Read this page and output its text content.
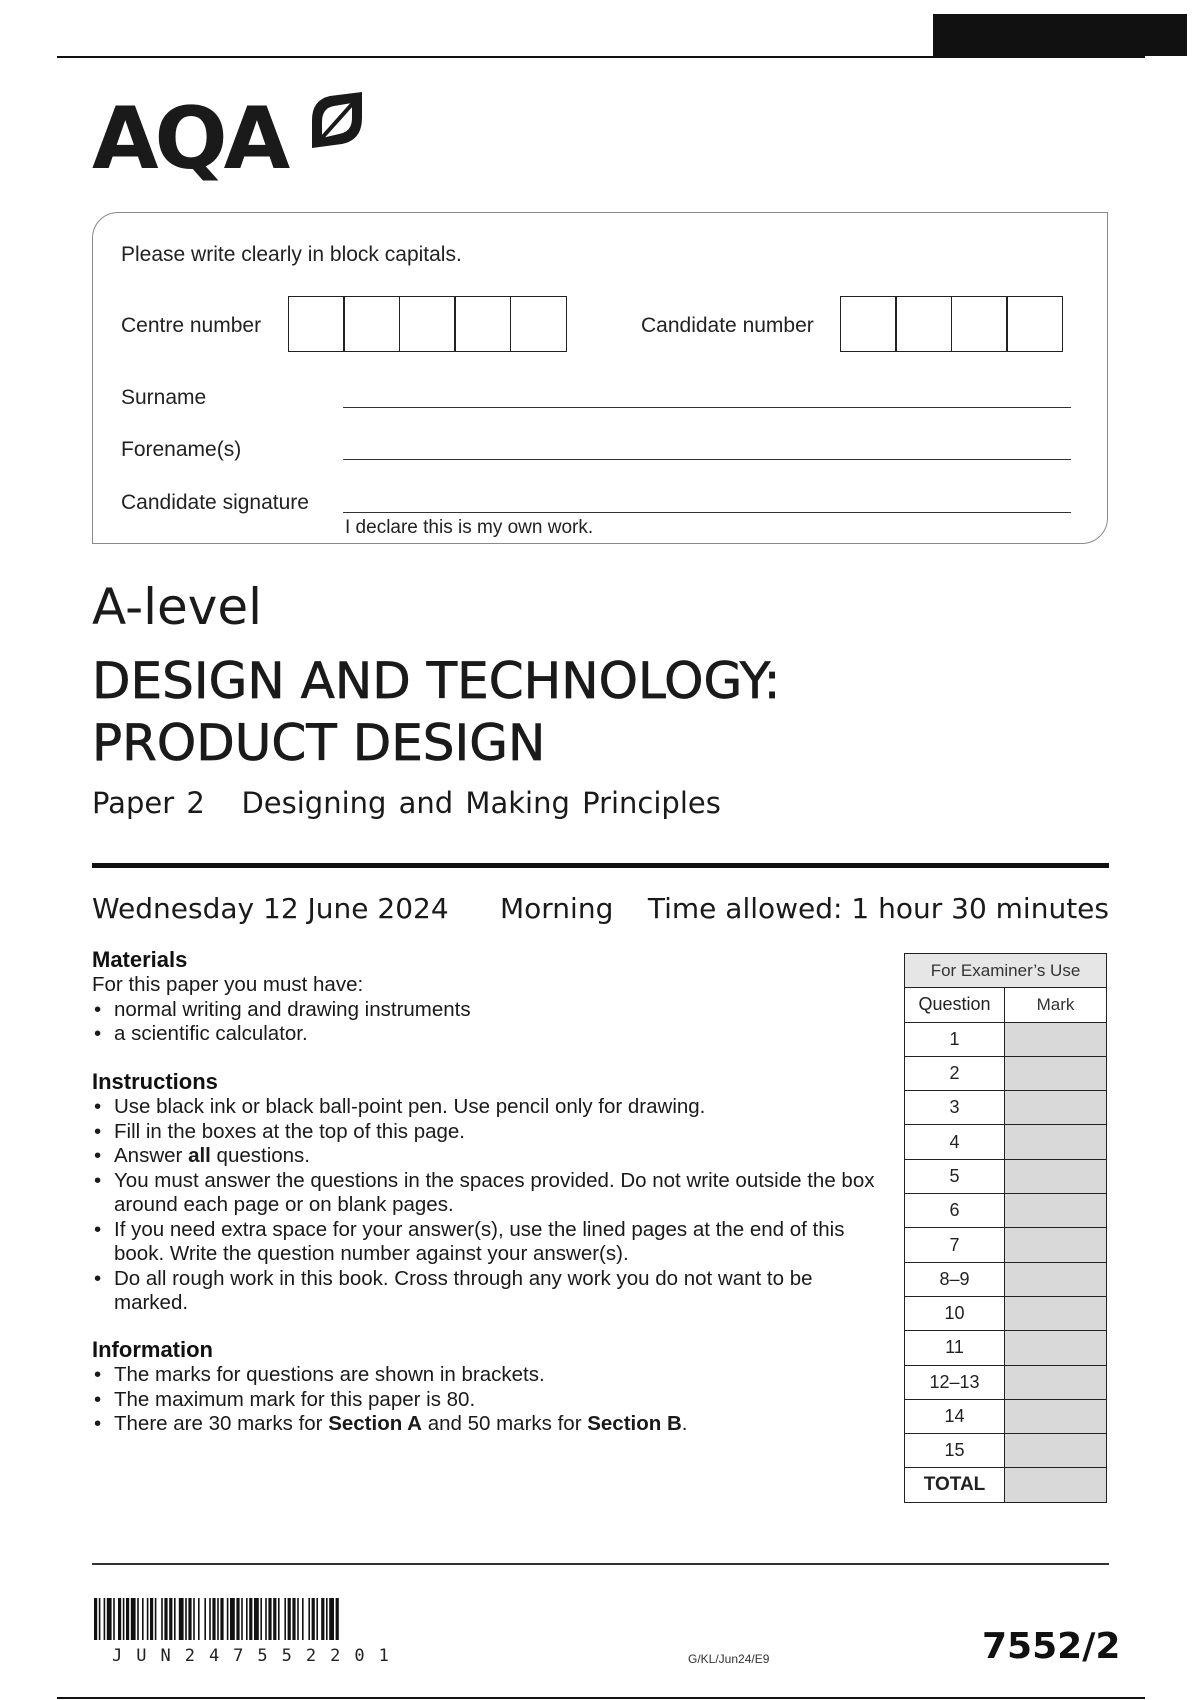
AQA
Please write clearly in block capitals.
Centre number	Candidate number
Surname
Forename(s)
Candidate signature
I declare this is my own work.
A-level
DESIGN AND TECHNOLOGY:
PRODUCT DESIGN
Paper 2 Designing and Making Principles
Wednesday 12 June 2024 Morning Time allowed: 1 hour 30 minutes
Materials
For this paper you must have:
• normal writing and drawing instruments
• a scientific calculator.
Instructions
• Use black ink or black ball-point pen. Use pencil only for drawing.
• Fill in the boxes at the top of this page.
• Answer all questions.
• You must answer the questions in the spaces provided. Do not write outside the box around each page or on blank pages.
• If you need extra space for your answer(s), use the lined pages at the end of this book. Write the question number against your answer(s).
• Do all rough work in this book. Cross through any work you do not want to be marked.
Information
• The marks for questions are shown in brackets.
• The maximum mark for this paper is 80.
• There are 30 marks for Section A and 50 marks for Section B.
For Examiner’s Use	
Question	Mark
1	
2	
3	
4	
5	
6	
7	
8–9	
10	
11	
12–13	
14	
15	
TOTAL	
JUN247552201	G/KL/Jun24/E9	7552/2
